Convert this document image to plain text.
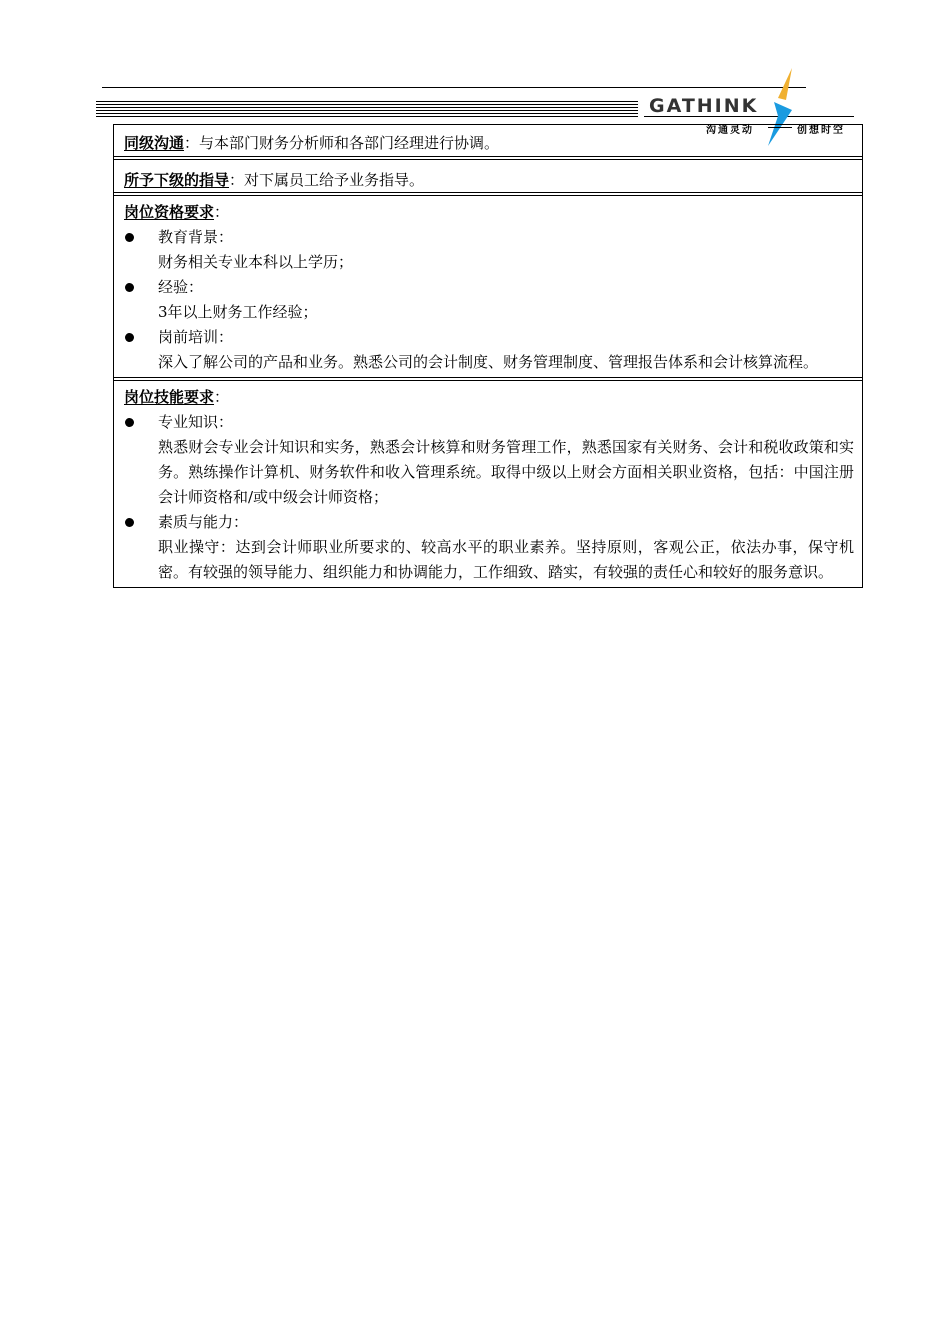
GATHINK
沟通灵动	创想时空
同级沟通：与本部门财务分析师和各部门经理进行协调。
所予下级的指导：对下属员工给予业务指导。
岗位资格要求：
教育背景：
财务相关专业本科以上学历；
经验：
3年以上财务工作经验；
岗前培训：
深入了解公司的产品和业务。熟悉公司的会计制度、财务管理制度、管理报告体系和会计核算流程。
岗位技能要求：
专业知识：
熟悉财会专业会计知识和实务，熟悉会计核算和财务管理工作，熟悉国家有关财务、会计和税收政策和实务。熟练操作计算机、财务软件和收入管理系统。取得中级以上财会方面相关职业资格，包括：中国注册会计师资格和/或中级会计师资格；
素质与能力：
职业操守：达到会计师职业所要求的、较高水平的职业素养。坚持原则，客观公正，依法办事，保守机密。有较强的领导能力、组织能力和协调能力，工作细致、踏实，有较强的责任心和较好的服务意识。
